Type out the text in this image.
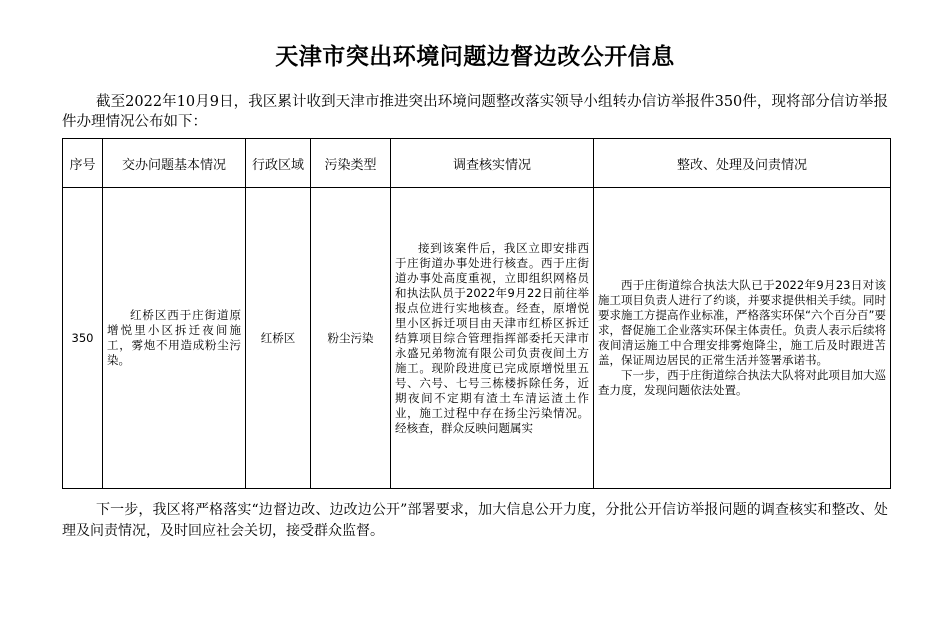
天津市突出环境问题边督边改公开信息
截至2022年10月9日，我区累计收到天津市推进突出环境问题整改落实领导小组转办信访举报件350件，现将部分信访举报件办理情况公布如下：
序号	交办问题基本情况	行政区域	污染类型	调查核实情况	整改、处理及问责情况
350	红桥区西于庄街道原增悦里小区拆迁夜间施工，雾炮不用造成粉尘污染。	红桥区	粉尘污染	接到该案件后，我区立即安排西于庄街道办事处进行核查。西于庄街道办事处高度重视，立即组织网格员和执法队员于2022年9月22日前往举报点位进行实地核查。经查，原增悦里小区拆迁项目由天津市红桥区拆迁结算项目综合管理指挥部委托天津市永盛兄弟物流有限公司负责夜间土方施工。现阶段进度已完成原增悦里五号、六号、七号三栋楼拆除任务，近期夜间不定期有渣土车清运渣土作业，施工过程中存在扬尘污染情况。经核查，群众反映问题属实	西于庄街道综合执法大队已于2022年9月23日对该施工项目负责人进行了约谈，并要求提供相关手续。同时要求施工方提高作业标准，严格落实环保“六个百分百”要求，督促施工企业落实环保主体责任。负责人表示后续将夜间清运施工中合理安排雾炮降尘，施工后及时跟进苫盖，保证周边居民的正常生活并签署承诺书。
下一步，西于庄街道综合执法大队将对此项目加大巡查力度，发现问题依法处置。
下一步，我区将严格落实“边督边改、边改边公开”部署要求，加大信息公开力度，分批公开信访举报问题的调查核实和整改、处理及问责情况，及时回应社会关切，接受群众监督。
